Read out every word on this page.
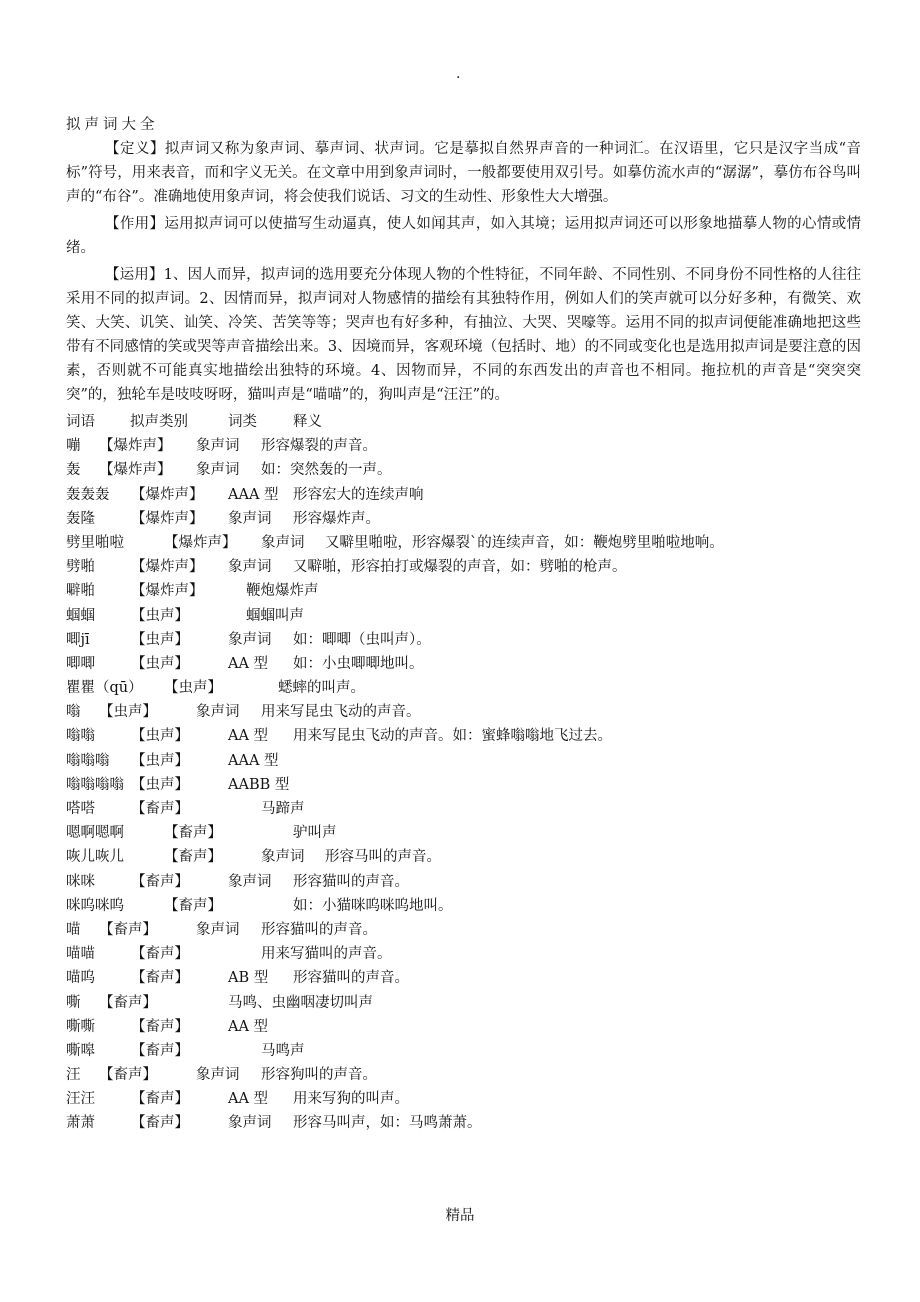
.
拟声词大全

【定义】拟声词又称为象声词、摹声词、状声词。它是摹拟自然界声音的一种词汇。在汉语里，它只是汉字当成“音标”符号，用来表音，而和字义无关。在文章中用到象声词时，一般都要使用双引号。如摹仿流水声的“潺潺”，摹仿布谷鸟叫声的“布谷”。准确地使用象声词，将会使我们说话、习文的生动性、形象性大大增强。

【作用】运用拟声词可以使描写生动逼真，使人如闻其声，如入其境；运用拟声词还可以形象地描摹人物的心情或情绪。

【运用】1、因人而异，拟声词的选用要充分体现人物的个性特征，不同年龄、不同性别、不同身份不同性格的人往往采用不同的拟声词。2、因情而异，拟声词对人物感情的描绘有其独特作用，例如人们的笑声就可以分好多种，有微笑、欢笑、大笑、讥笑、讪笑、冷笑、苦笑等等；哭声也有好多种，有抽泣、大哭、哭嚎等。运用不同的拟声词便能准确地把这些带有不同感情的笑或哭等声音描绘出来。3、因境而异，客观环境（包括时、地）的不同或变化也是选用拟声词是要注意的因素，否则就不可能真实地描绘出独特的环境。4、因物而异，不同的东西发出的声音也不相同。拖拉机的声音是“突突突突”的，独轮车是吱吱呀呀，猫叫声是“喵喵”的，狗叫声是“汪汪”的。

词语 拟声类别	词类 释义
嘣 【爆炸声】 象声词 形容爆裂的声音。
轰 【爆炸声】 象声词 如：突然轰的一声。
轰轰轰 【爆炸声】 AAA 型 形容宏大的连续声响
轰隆 【爆炸声】 象声词 形容爆炸声。
劈里啪啦	【爆炸声】 象声词 又噼里啪啦，形容爆裂`的连续声音，如：鞭炮劈里啪啦地响。
劈啪 【爆炸声】 象声词 又噼啪，形容拍打或爆裂的声音，如：劈啪的枪声。
噼啪 【爆炸声】	鞭炮爆炸声
蝈蝈 【虫声】	蝈蝈叫声
唧jī	【虫声】	象声词 如：唧唧（虫叫声）。
唧唧 【虫声】	AA 型 如：小虫唧唧地叫。
瞿瞿（qū） 【虫声】	蟋蟀的叫声。
嗡 【虫声】	象声词 用来写昆虫飞动的声音。
嗡嗡 【虫声】	AA 型 用来写昆虫飞动的声音。如：蜜蜂嗡嗡地飞过去。
嗡嗡嗡 【虫声】	AAA 型
嗡嗡嗡嗡 【虫声】	AABB 型
嗒嗒 【畜声】	马蹄声
嗯啊嗯啊	【畜声】	驴叫声
咴儿咴儿	【畜声】	象声词 形容马叫的声音。
咪咪 【畜声】	象声词 形容猫叫的声音。
咪呜咪呜	【畜声】	如：小猫咪呜咪呜地叫。
喵 【畜声】	象声词 形容猫叫的声音。
喵喵 【畜声】	用来写猫叫的声音。
喵呜 【畜声】	AB 型 形容猫叫的声音。
嘶 【畜声】	马鸣、虫幽咽凄切叫声
嘶嘶 【畜声】	AA 型
嘶嗥 【畜声】	马鸣声
汪 【畜声】	象声词 形容狗叫的声音。
汪汪 【畜声】	AA 型 用来写狗的叫声。
萧萧 【畜声】	象声词 形容马叫声，如：马鸣萧萧。
精品
